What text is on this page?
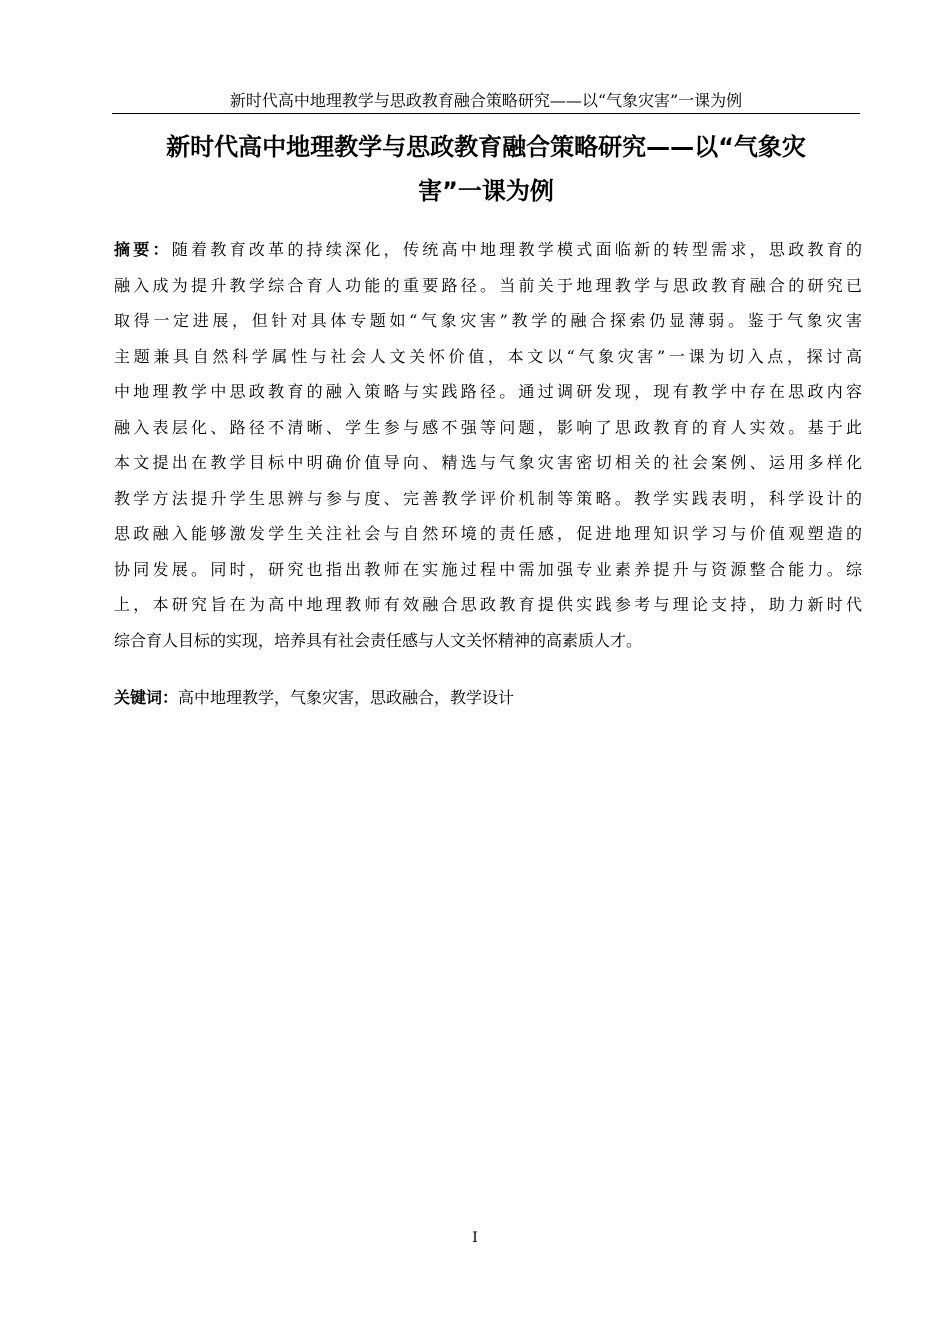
新时代高中地理教学与思政教育融合策略研究——以“气象灾害”一课为例
新时代高中地理教学与思政教育融合策略研究——以“气象灾
害”一课为例
摘要：随着教育改革的持续深化，传统高中地理教学模式面临新的转型需求，思政教育的
融入成为提升教学综合育人功能的重要路径。当前关于地理教学与思政教育融合的研究已
取得一定进展，但针对具体专题如“气象灾害”教学的融合探索仍显薄弱。鉴于气象灾害
主题兼具自然科学属性与社会人文关怀价值，本文以“气象灾害”一课为切入点，探讨高
中地理教学中思政教育的融入策略与实践路径。通过调研发现，现有教学中存在思政内容
融入表层化、路径不清晰、学生参与感不强等问题，影响了思政教育的育人实效。基于此
本文提出在教学目标中明确价值导向、精选与气象灾害密切相关的社会案例、运用多样化
教学方法提升学生思辨与参与度、完善教学评价机制等策略。教学实践表明，科学设计的
思政融入能够激发学生关注社会与自然环境的责任感，促进地理知识学习与价值观塑造的
协同发展。同时，研究也指出教师在实施过程中需加强专业素养提升与资源整合能力。综
上，本研究旨在为高中地理教师有效融合思政教育提供实践参考与理论支持，助力新时代
综合育人目标的实现，培养具有社会责任感与人文关怀精神的高素质人才。
关键词：高中地理教学，气象灾害，思政融合，教学设计
I
